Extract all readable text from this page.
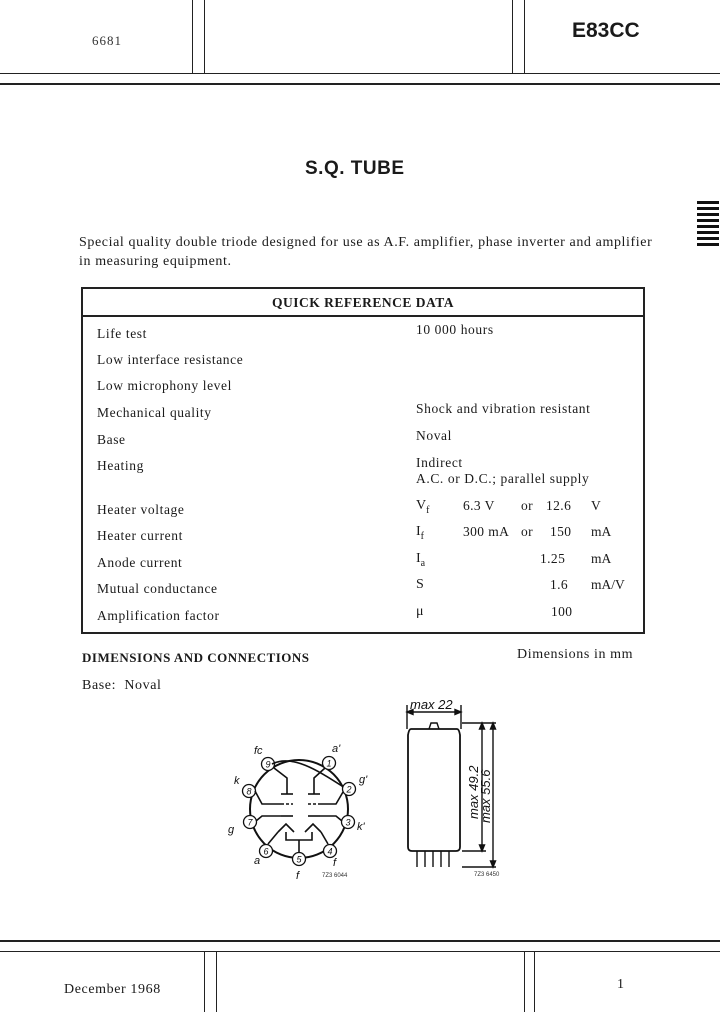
6681	E83CC
S.Q. TUBE
Special quality double triode designed for use as A.F. amplifier, phase inverter and amplifier in measuring equipment.
QUICK REFERENCE DATA
Life test	10 000 hours
Low interface resistance
Low microphony level
Mechanical quality	Shock and vibration resistant
Base	Noval
Heating	Indirect
A.C. or D.C.; parallel supply
Heater voltage	$V_f$ 6.3 V or 12.6 V
Heater current	$I_f$	300 mA or 150 mA
Anode current	$I_a$	1.25 mA
Mutual conductance	S	1.6 mA/V
Amplification factor	μ	100
DIMENSIONS AND CONNECTIONS	Dimensions in mm
Base: Noval
1
2
3
4
5
6
7
8
9
a'
g'
k'
f
f
a
g
k
fc
7Z3 6044
max 22
max 49.2
max 55.6
7Z3 6450
December 1968	1
